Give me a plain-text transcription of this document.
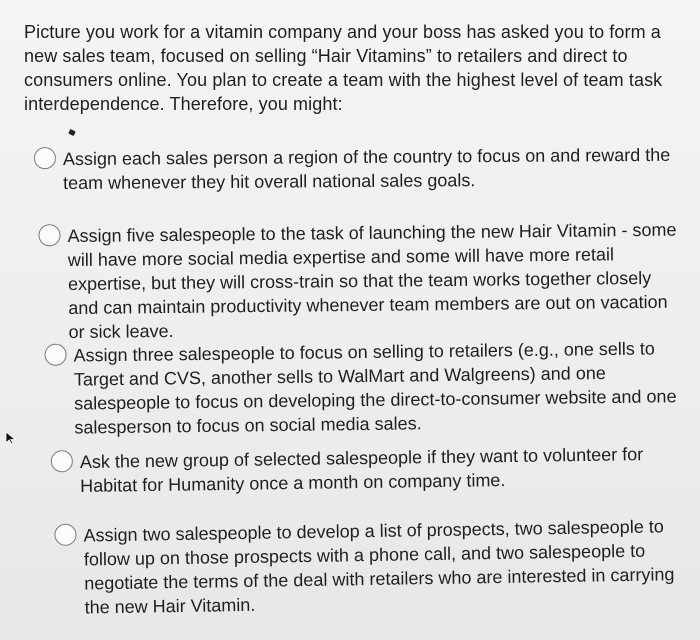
Picture you work for a vitamin company and your boss has asked you to form a new sales team, focused on selling “Hair Vitamins” to retailers and direct to consumers online. You plan to create a team with the highest level of team task interdependence. Therefore, you might:
Assign each sales person a region of the country to focus on and reward the team whenever they hit overall national sales goals.
Assign five salespeople to the task of launching the new Hair Vitamin - some will have more social media expertise and some will have more retail expertise, but they will cross-train so that the team works together closely and can maintain productivity whenever team members are out on vacation or sick leave.
Assign three salespeople to focus on selling to retailers (e.g., one sells to Target and CVS, another sells to WalMart and Walgreens) and one salespeople to focus on developing the direct-to-consumer website and one salesperson to focus on social media sales.
Ask the new group of selected salespeople if they want to volunteer for Habitat for Humanity once a month on company time.
Assign two salespeople to develop a list of prospects, two salespeople to follow up on those prospects with a phone call, and two salespeople to negotiate the terms of the deal with retailers who are interested in carrying the new Hair Vitamin.
